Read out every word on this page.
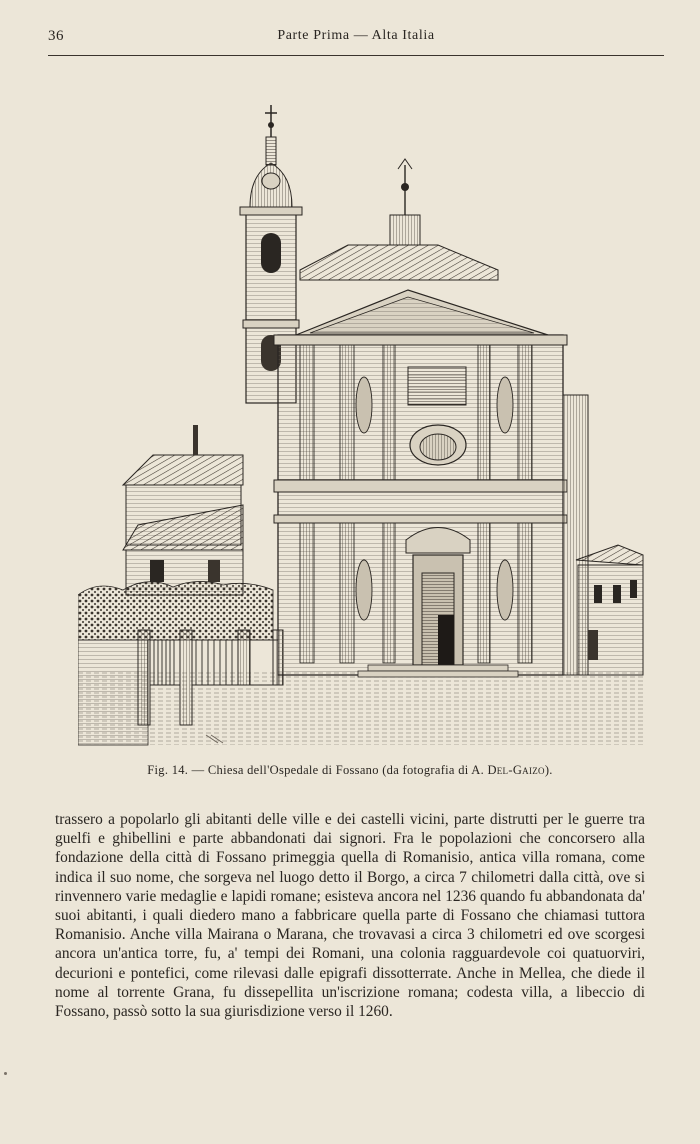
36	Parte Prima — Alta Italia
Fig. 14. — Chiesa dell'Ospedale di Fossano (da fotografia di A. Del-Gaizo).

trassero a popolarlo gli abitanti delle ville e dei castelli vicini, parte distrutti per le guerre tra guelfi e ghibellini e parte abbandonati dai signori. Fra le popolazioni che concorsero alla fondazione della città di Fossano primeggia quella di Romanisio, antica villa romana, come indica il suo nome, che sorgeva nel luogo detto il Borgo, a circa 7 chilometri dalla città, ove si rinvennero varie medaglie e lapidi romane; esisteva ancora nel 1236 quando fu abbandonata da' suoi abitanti, i quali diedero mano a fabbricare quella parte di Fossano che chiamasi tuttora Romanisio. Anche villa Mairana o Marana, che trovavasi a circa 3 chilometri ed ove scorgesi ancora un'antica torre, fu, a' tempi dei Romani, una colonia ragguardevole coi quatuorviri, decurioni e pontefici, come rilevasi dalle epigrafi dissotterrate. Anche in Mellea, che diede il nome al torrente Grana, fu dissepellita un'iscrizione romana; codesta villa, a libeccio di Fossano, passò sotto la sua giurisdizione verso il 1260.
